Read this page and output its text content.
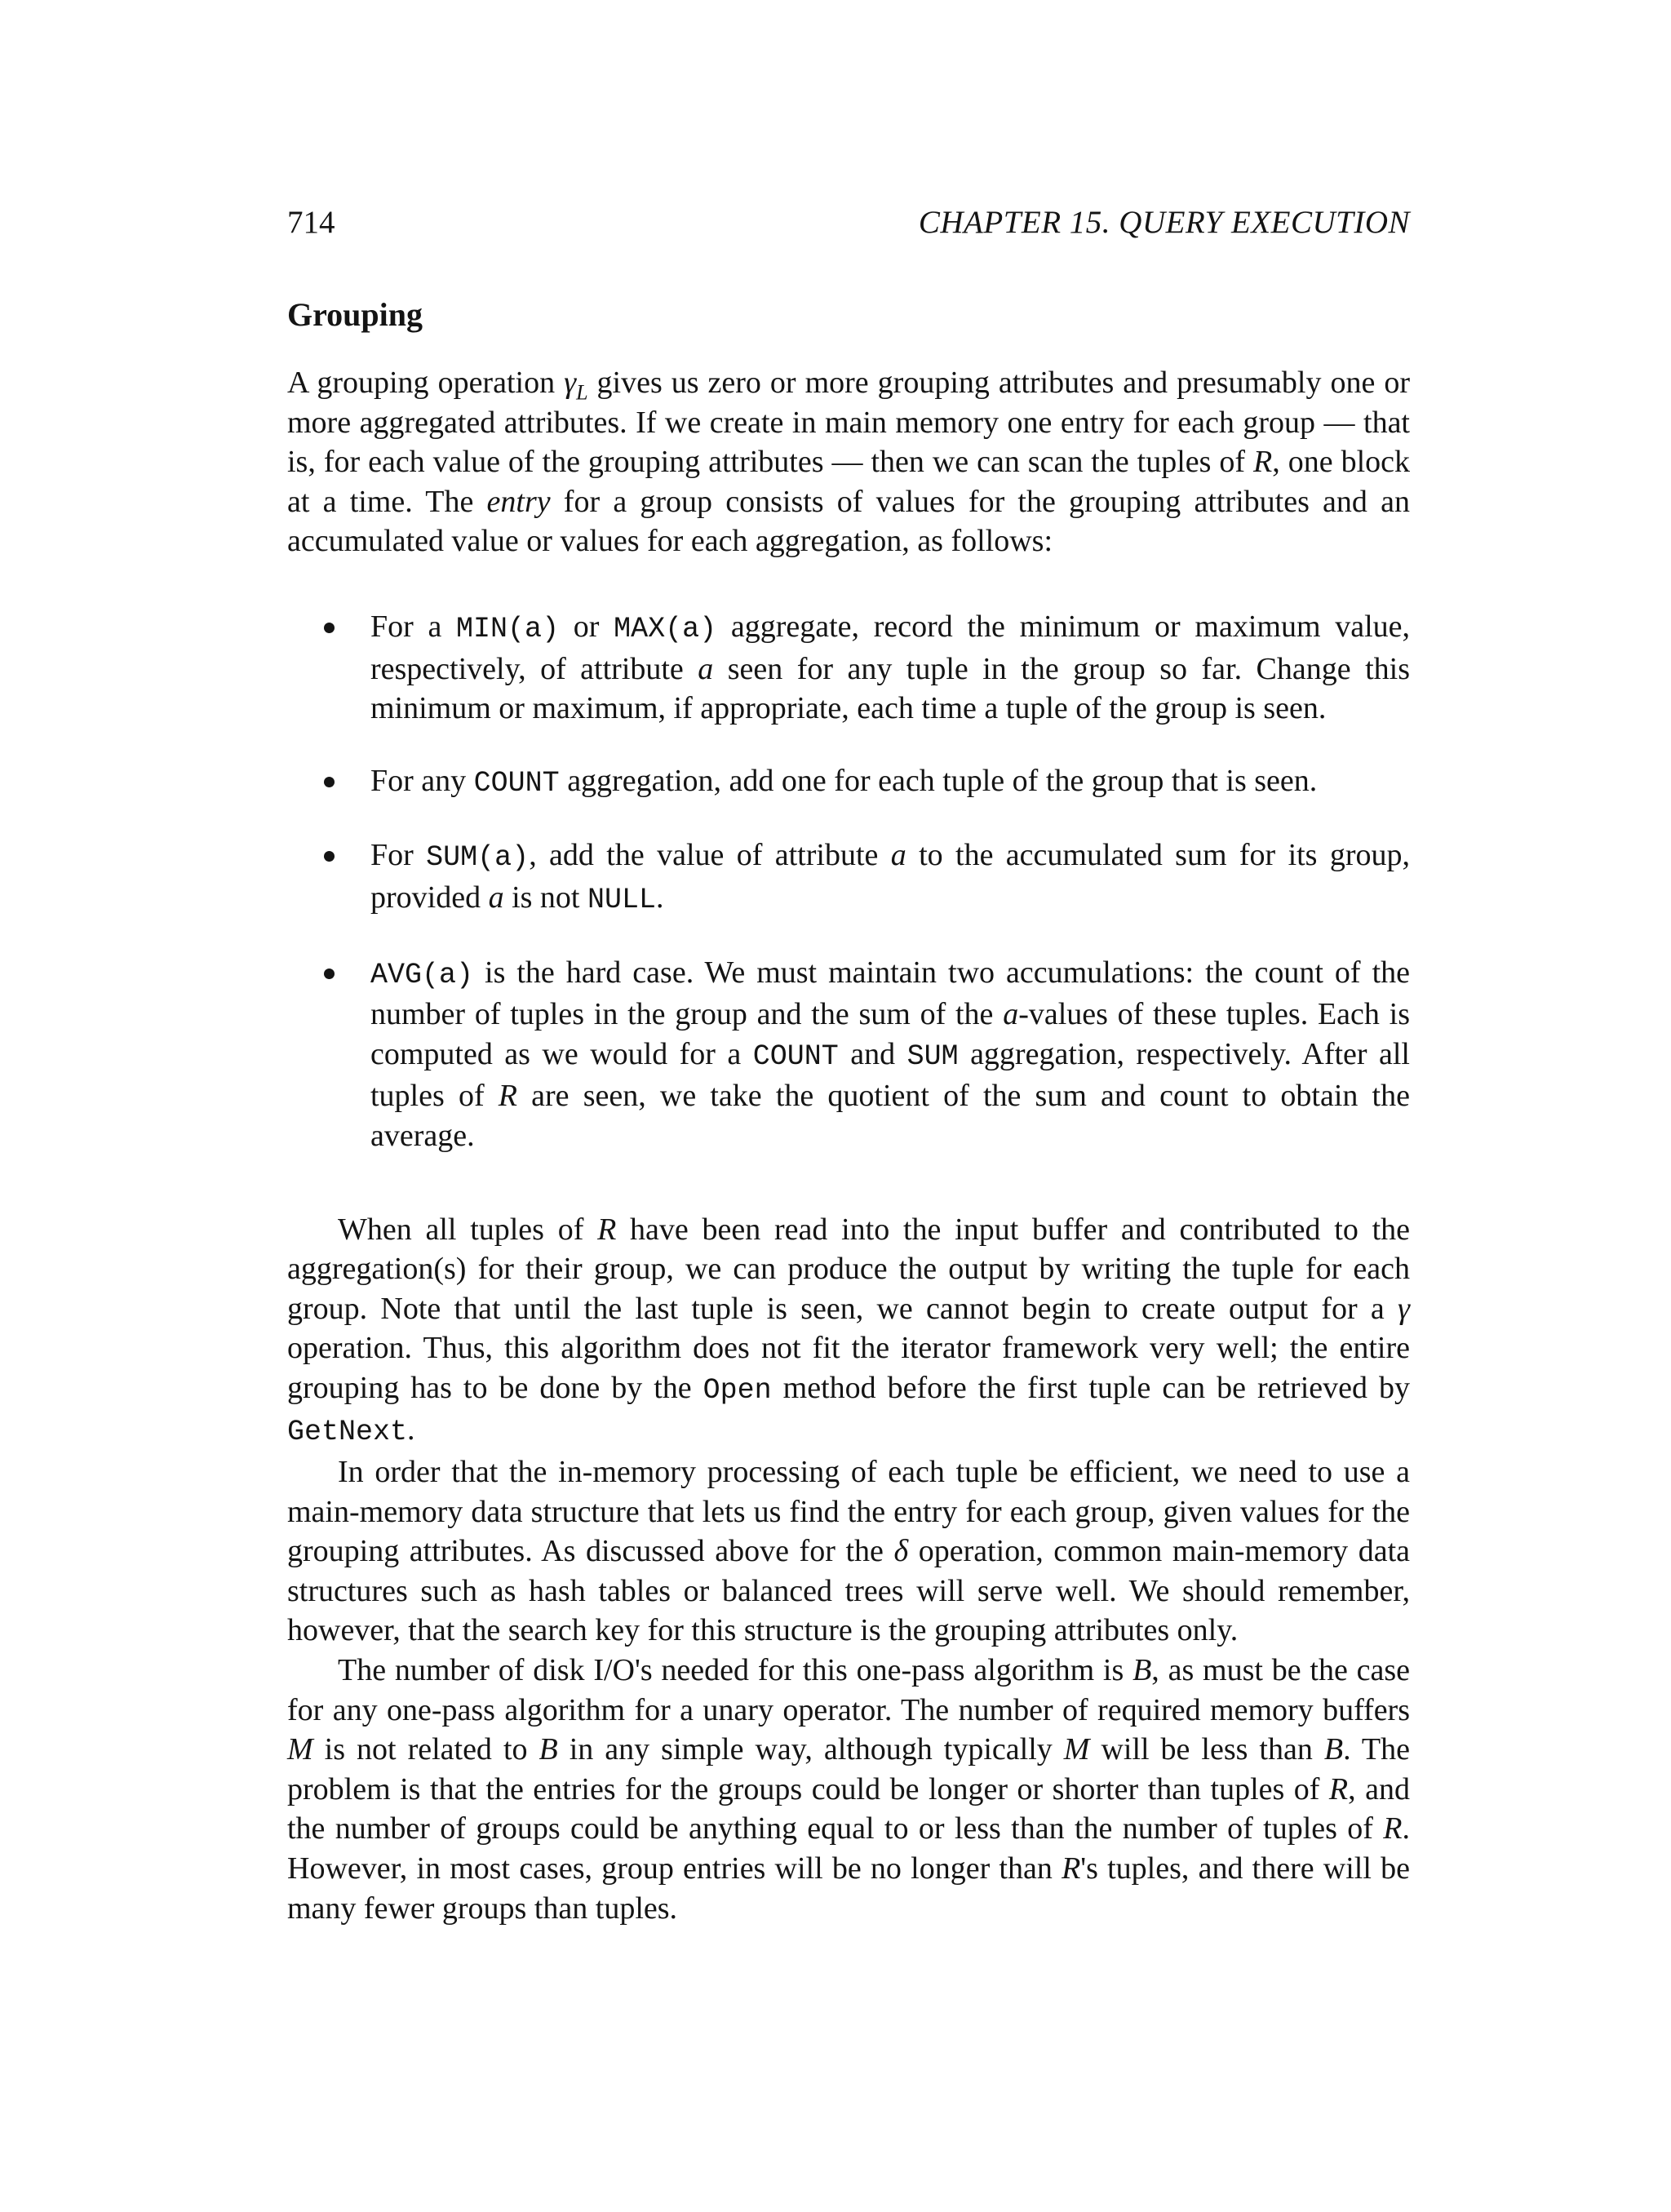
714	CHAPTER 15. QUERY EXECUTION
Grouping

A grouping operation $\gamma_L$ gives us zero or more grouping attributes and presumably one or more aggregated attributes. If we create in main memory one entry for each group — that is, for each value of the grouping attributes — then we can scan the tuples of R, one block at a time. The entry for a group consists of values for the grouping attributes and an accumulated value or values for each aggregation, as follows:

For a MIN(a) or MAX(a) aggregate, record the minimum or maximum value, respectively, of attribute a seen for any tuple in the group so far. Change this minimum or maximum, if appropriate, each time a tuple of the group is seen.
For any COUNT aggregation, add one for each tuple of the group that is seen.
For SUM(a), add the value of attribute a to the accumulated sum for its group, provided a is not NULL.
AVG(a) is the hard case. We must maintain two accumulations: the count of the number of tuples in the group and the sum of the a-values of these tuples. Each is computed as we would for a COUNT and SUM aggregation, respectively. After all tuples of R are seen, we take the quotient of the sum and count to obtain the average.

When all tuples of R have been read into the input buffer and contributed to the aggregation(s) for their group, we can produce the output by writing the tuple for each group. Note that until the last tuple is seen, we cannot begin to create output for a γ operation. Thus, this algorithm does not fit the iterator framework very well; the entire grouping has to be done by the Open method before the first tuple can be retrieved by GetNext.

In order that the in-memory processing of each tuple be efficient, we need to use a main-memory data structure that lets us find the entry for each group, given values for the grouping attributes. As discussed above for the δ operation, common main-memory data structures such as hash tables or balanced trees will serve well. We should remember, however, that the search key for this structure is the grouping attributes only.

The number of disk I/O's needed for this one-pass algorithm is B, as must be the case for any one-pass algorithm for a unary operator. The number of required memory buffers M is not related to B in any simple way, although typically M will be less than B. The problem is that the entries for the groups could be longer or shorter than tuples of R, and the number of groups could be anything equal to or less than the number of tuples of R. However, in most cases, group entries will be no longer than R's tuples, and there will be many fewer groups than tuples.
